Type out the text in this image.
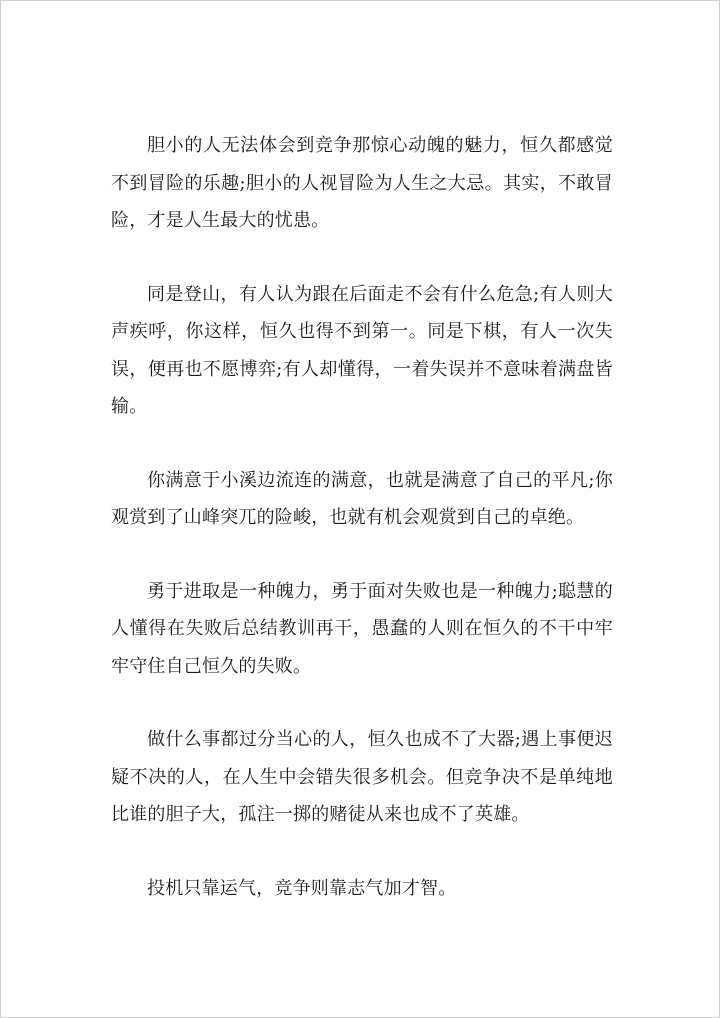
胆小的人无法体会到竞争那惊心动魄的魅力，恒久都感觉不到冒险的乐趣;胆小的人视冒险为人生之大忌。其实，不敢冒险，才是人生最大的忧患。

同是登山，有人认为跟在后面走不会有什么危急;有人则大声疾呼，你这样，恒久也得不到第一。同是下棋，有人一次失误，便再也不愿博弈;有人却懂得，一着失误并不意味着满盘皆输。

你满意于小溪边流连的满意，也就是满意了自己的平凡;你观赏到了山峰突兀的险峻，也就有机会观赏到自己的卓绝。

勇于进取是一种魄力，勇于面对失败也是一种魄力;聪慧的人懂得在失败后总结教训再干，愚蠢的人则在恒久的不干中牢牢守住自己恒久的失败。

做什么事都过分当心的人，恒久也成不了大器;遇上事便迟疑不决的人，在人生中会错失很多机会。但竞争决不是单纯地比谁的胆子大，孤注一掷的赌徒从来也成不了英雄。

投机只靠运气，竞争则靠志气加才智。
